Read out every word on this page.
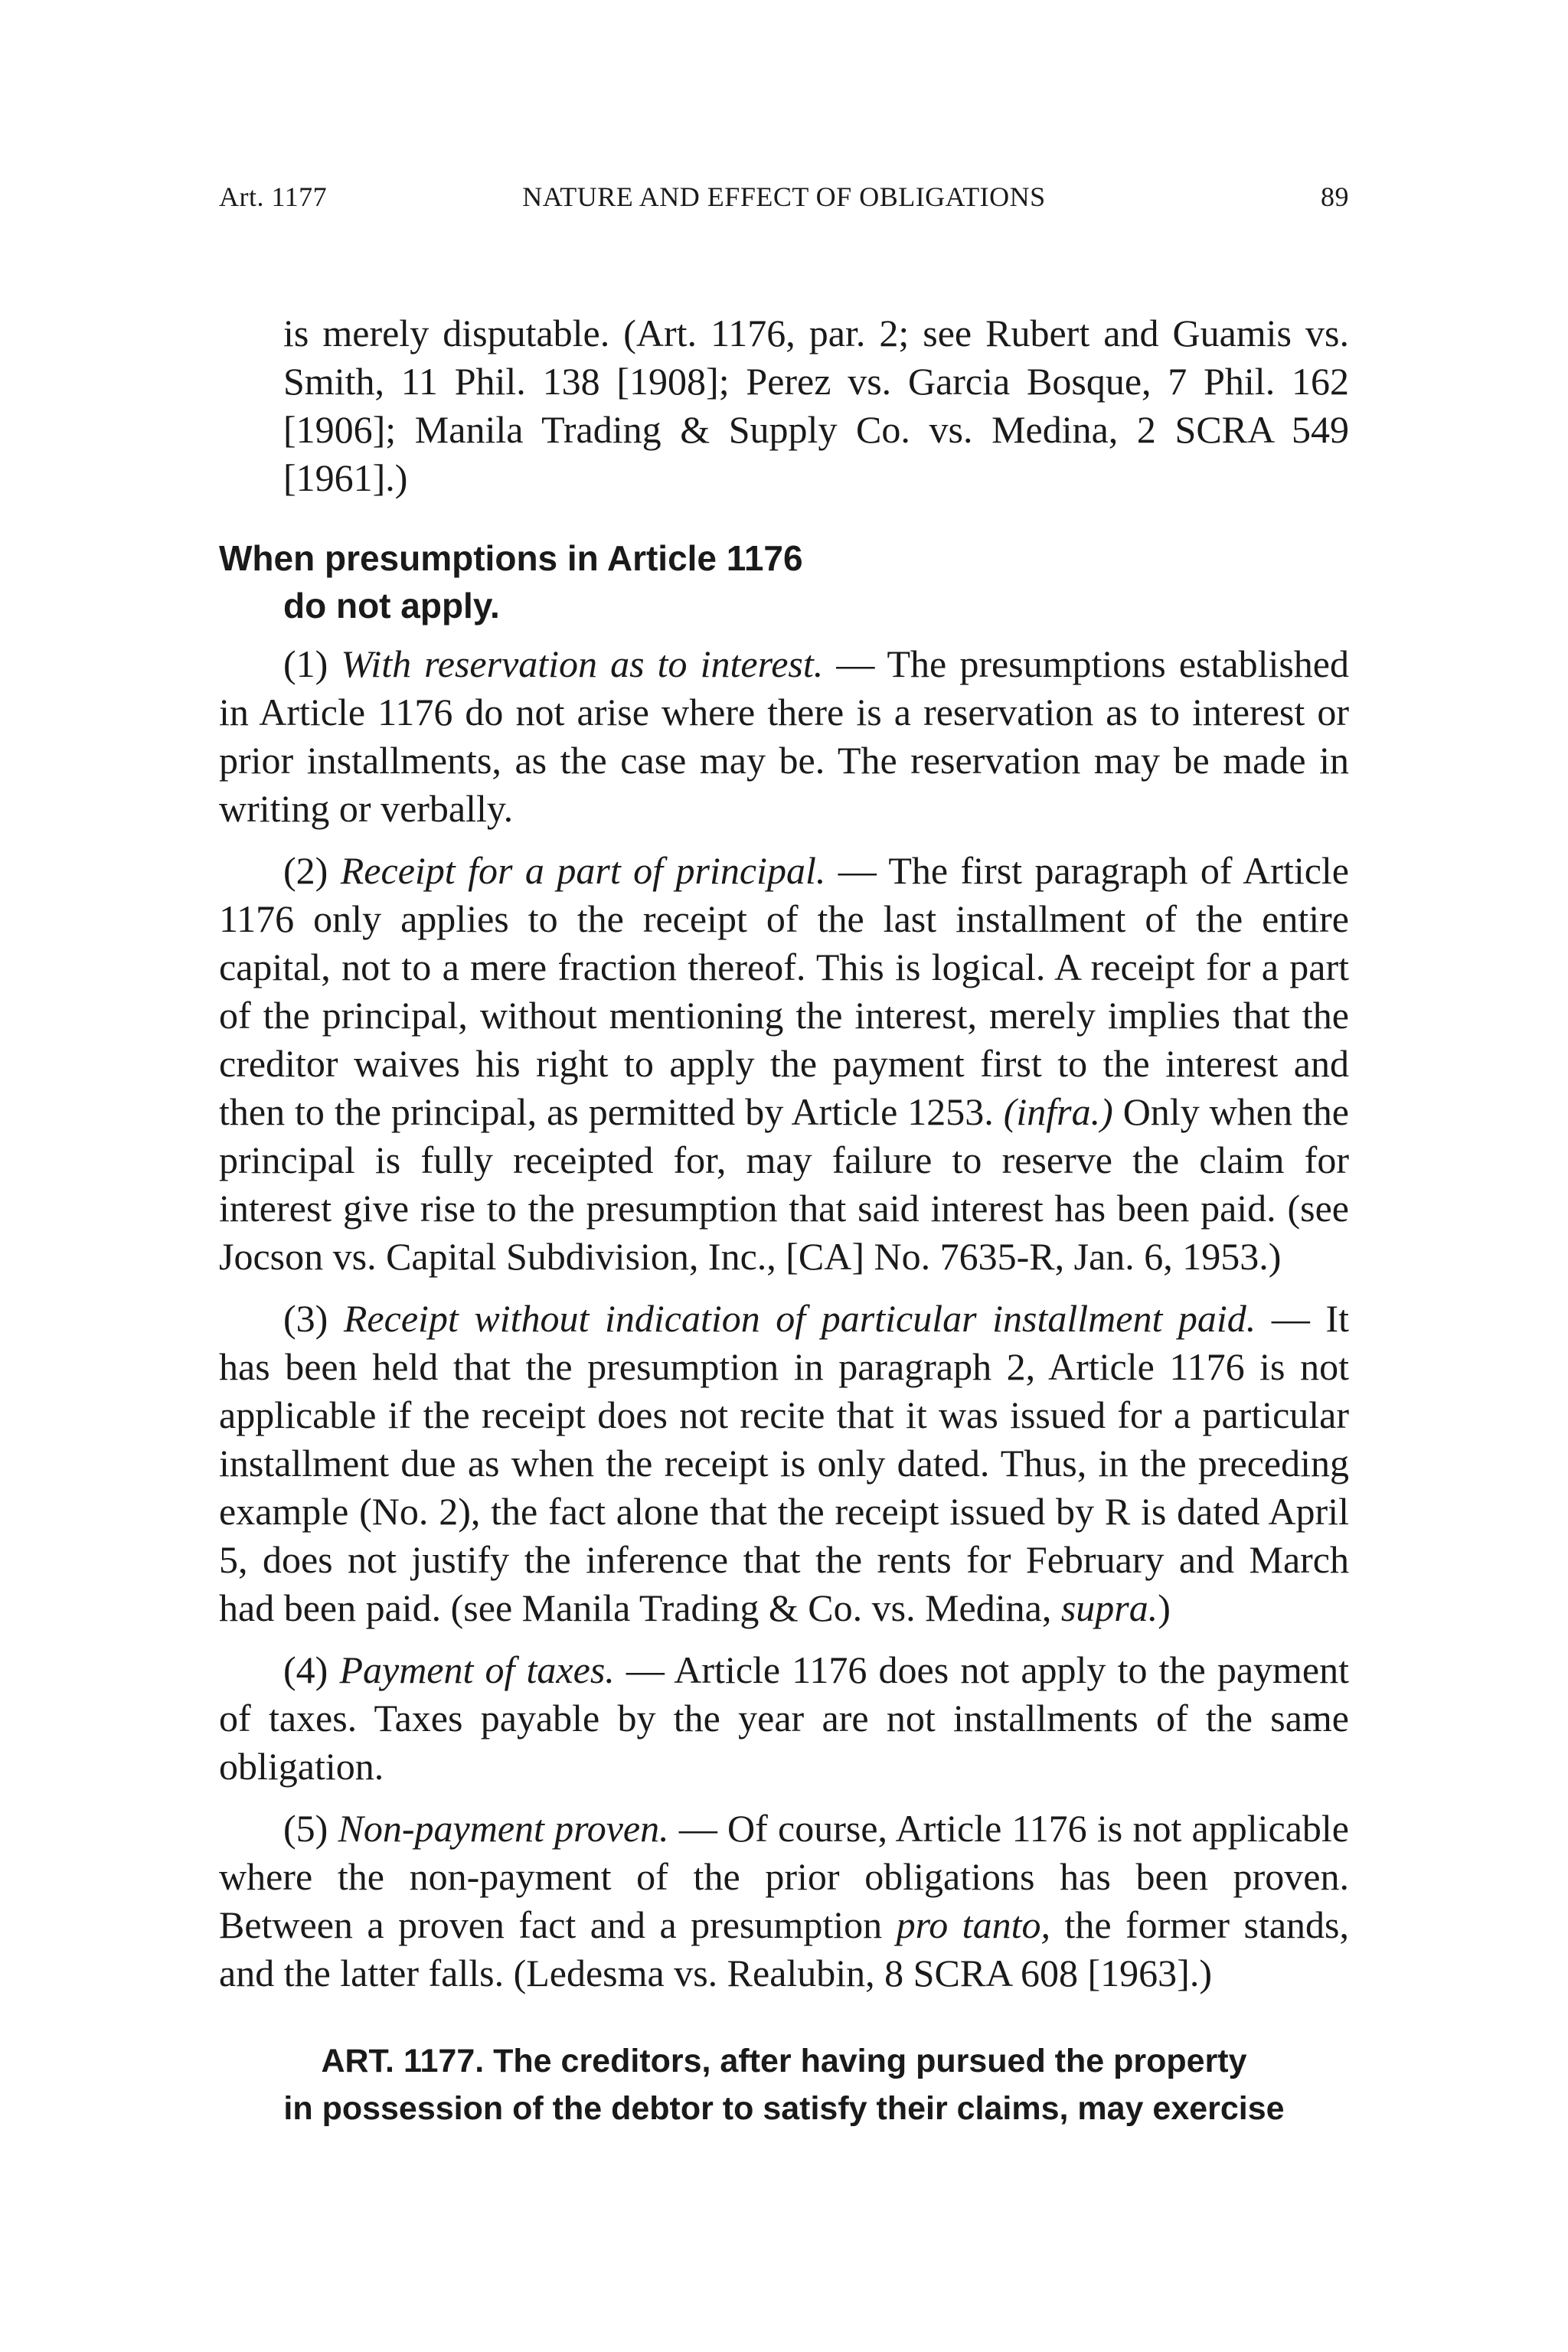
Art. 1177	NATURE AND EFFECT OF OBLIGATIONS	89

is merely disputable. (Art. 1176, par. 2; see Rubert and Guamis vs. Smith, 11 Phil. 138 [1908]; Perez vs. Garcia Bosque, 7 Phil. 162 [1906]; Manila Trading & Supply Co. vs. Medina, 2 SCRA 549 [1961].)

When presumptions in Article 1176
do not apply.

(1) With reservation as to interest. — The presumptions established in Article 1176 do not arise where there is a reservation as to interest or prior installments, as the case may be. The reservation may be made in writing or verbally.

(2) Receipt for a part of principal. — The first paragraph of Article 1176 only applies to the receipt of the last installment of the entire capital, not to a mere fraction thereof. This is logical. A receipt for a part of the principal, without mentioning the interest, merely implies that the creditor waives his right to apply the payment first to the interest and then to the principal, as permitted by Article 1253. (infra.) Only when the principal is fully receipted for, may failure to reserve the claim for interest give rise to the presumption that said interest has been paid. (see Jocson vs. Capital Subdivision, Inc., [CA] No. 7635-R, Jan. 6, 1953.)

(3) Receipt without indication of particular installment paid. — It has been held that the presumption in paragraph 2, Article 1176 is not applicable if the receipt does not recite that it was issued for a particular installment due as when the receipt is only dated. Thus, in the preceding example (No. 2), the fact alone that the receipt issued by R is dated April 5, does not justify the inference that the rents for February and March had been paid. (see Manila Trading & Co. vs. Medina, supra.)

(4) Payment of taxes. — Article 1176 does not apply to the payment of taxes. Taxes payable by the year are not installments of the same obligation.

(5) Non-payment proven. — Of course, Article 1176 is not applicable where the non-payment of the prior obligations has been proven. Between a proven fact and a presumption pro tanto, the former stands, and the latter falls. (Ledesma vs. Realubin, 8 SCRA 608 [1963].)

ART. 1177. The creditors, after having pursued the property
in possession of the debtor to satisfy their claims, may exercise
